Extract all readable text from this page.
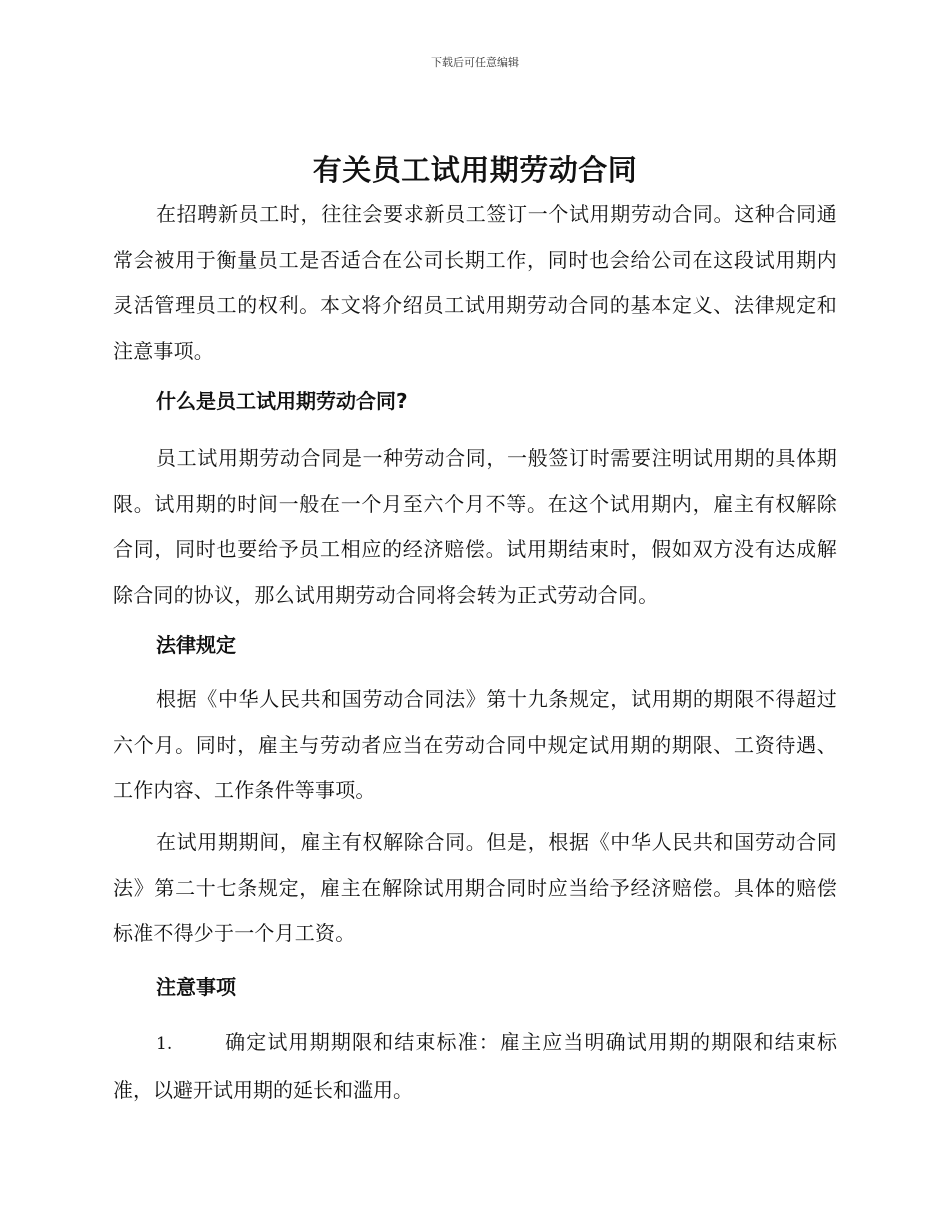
下载后可任意编辑
有关员工试用期劳动合同

在招聘新员工时，往往会要求新员工签订一个试用期劳动合同。这种合同通常会被用于衡量员工是否适合在公司长期工作，同时也会给公司在这段试用期内灵活管理员工的权利。本文将介绍员工试用期劳动合同的基本定义、法律规定和注意事项。

什么是员工试用期劳动合同?

员工试用期劳动合同是一种劳动合同，一般签订时需要注明试用期的具体期限。试用期的时间一般在一个月至六个月不等。在这个试用期内，雇主有权解除合同，同时也要给予员工相应的经济赔偿。试用期结束时，假如双方没有达成解除合同的协议，那么试用期劳动合同将会转为正式劳动合同。

法律规定

根据《中华人民共和国劳动合同法》第十九条规定，试用期的期限不得超过六个月。同时，雇主与劳动者应当在劳动合同中规定试用期的期限、工资待遇、工作内容、工作条件等事项。

在试用期期间，雇主有权解除合同。但是，根据《中华人民共和国劳动合同法》第二十七条规定，雇主在解除试用期合同时应当给予经济赔偿。具体的赔偿标准不得少于一个月工资。

注意事项

1.	确定试用期期限和结束标准：雇主应当明确试用期的期限和结束标准，以避开试用期的延长和滥用。
